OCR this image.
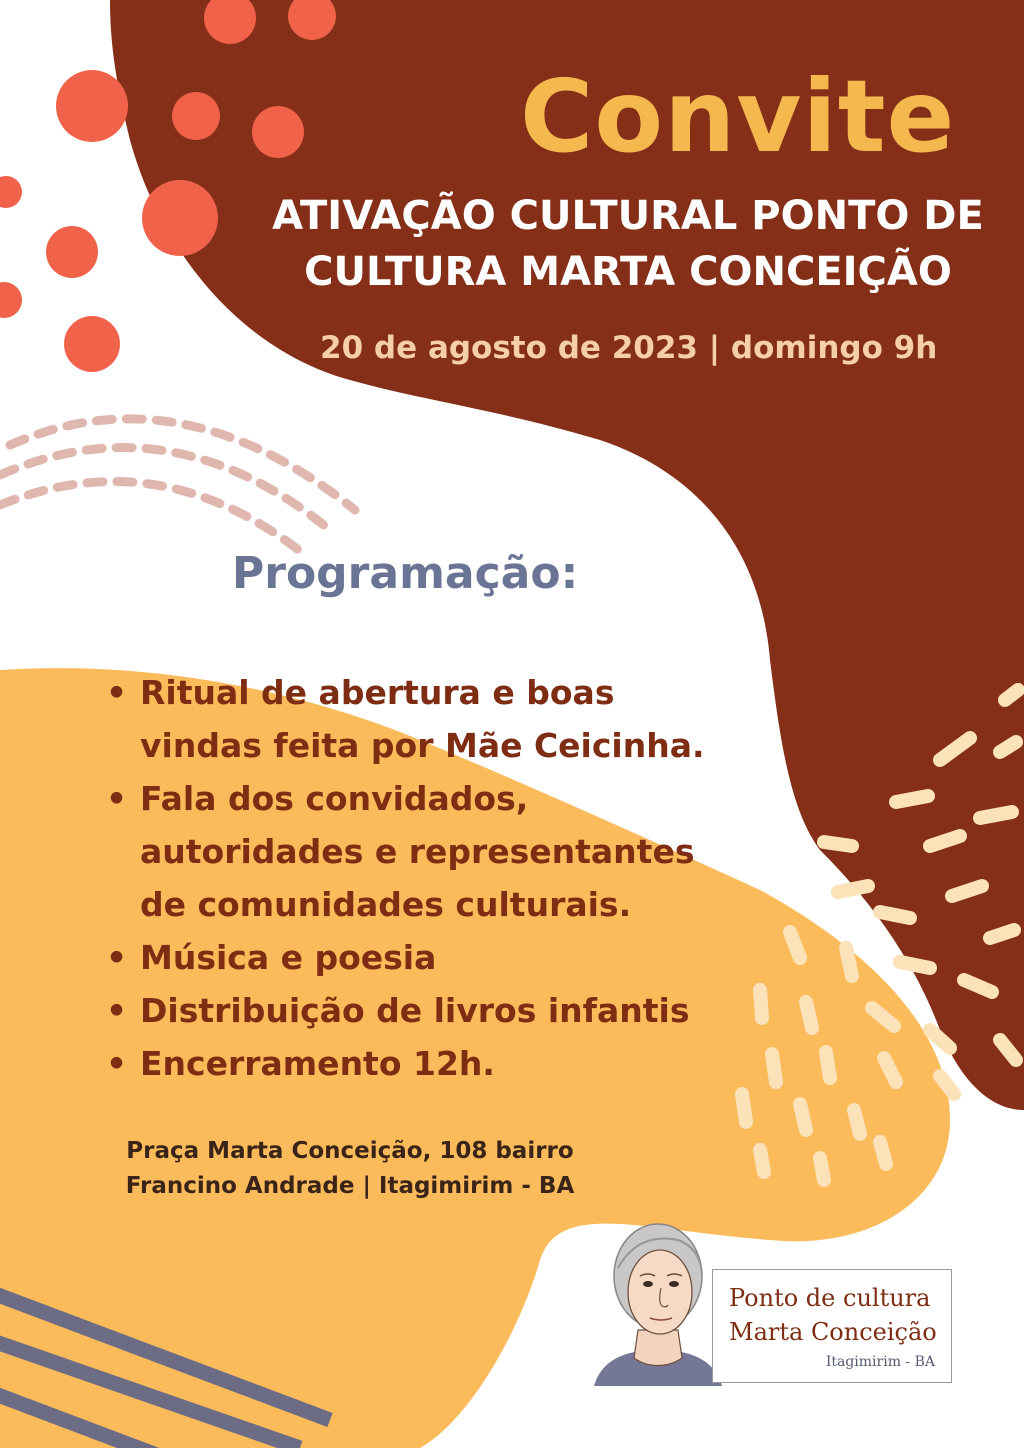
Convite
ATIVAÇÃO CULTURAL PONTO DE CULTURA MARTA CONCEIÇÃO
20 de agosto de 2023 | domingo 9h
Programação:
• Ritual de abertura e boas vindas feita por Mãe Ceicinha.
• Fala dos convidados, autoridades e representantes de comunidades culturais.
• Música e poesia
• Distribuição de livros infantis
• Encerramento 12h.
Praça Marta Conceição, 108 bairro
Francino Andrade | Itagimirim - BA
Ponto de cultura
Marta Conceição
Itagimirim - BA
